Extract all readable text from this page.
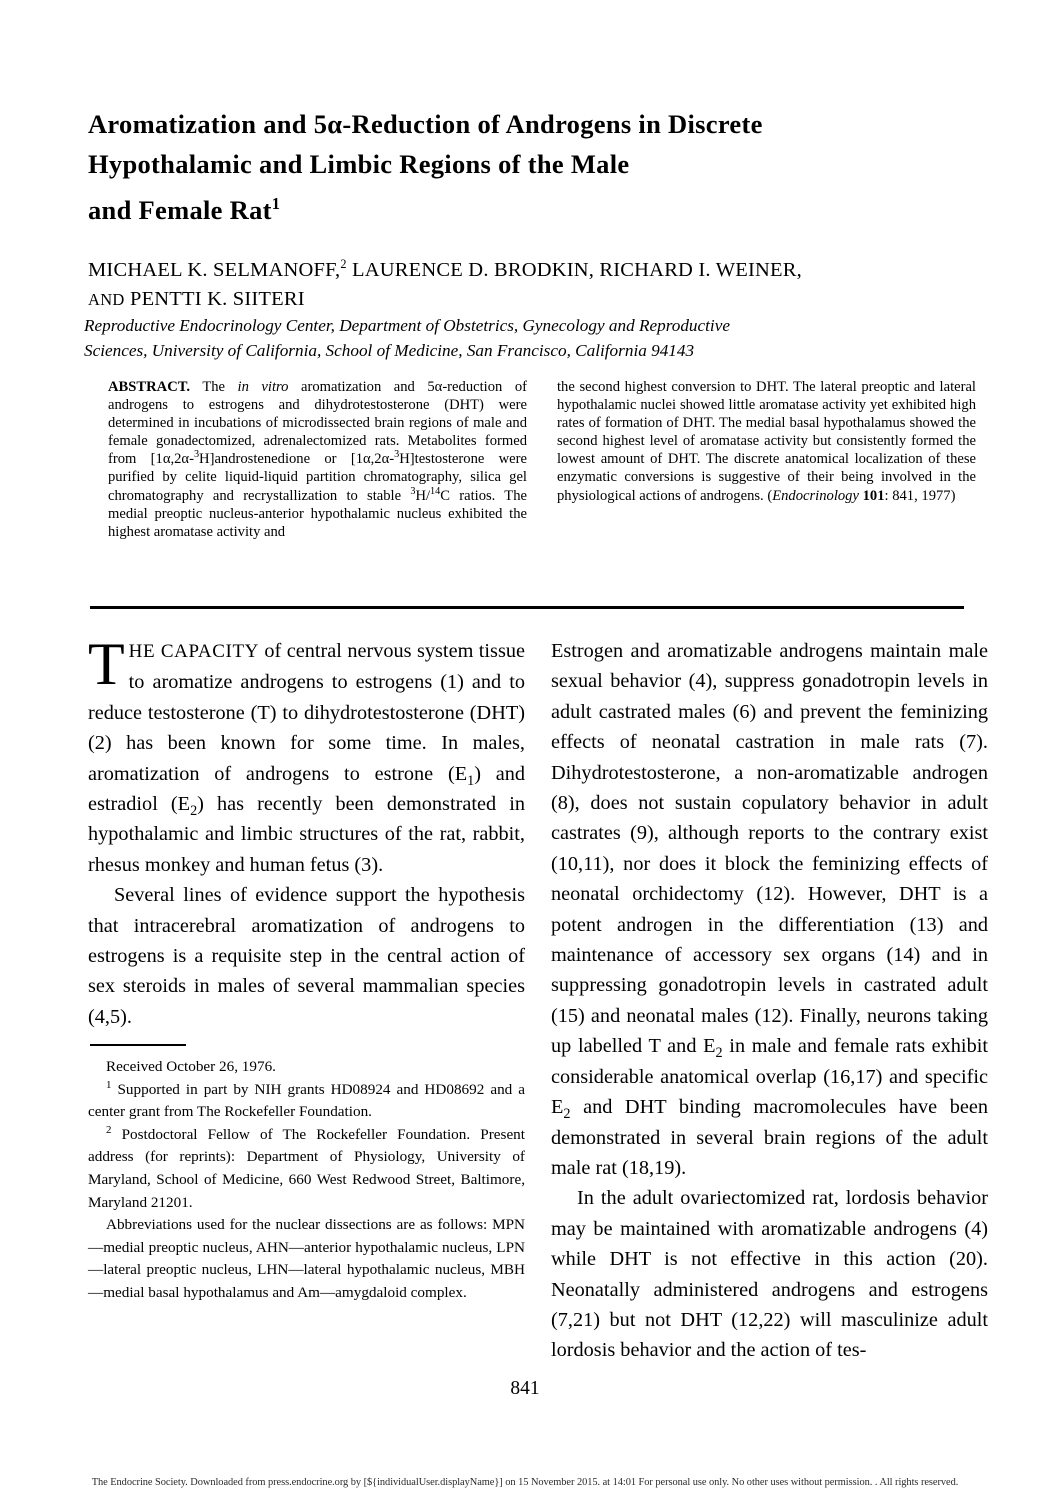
Aromatization and 5α-Reduction of Androgens in Discrete
Hypothalamic and Limbic Regions of the Male
and Female Rat$^1$
MICHAEL K. SELMANOFF,$^2$ LAURENCE D. BRODKIN, RICHARD I. WEINER,
AND PENTTI K. SIITERI
Reproductive Endocrinology Center, Department of Obstetrics, Gynecology and Reproductive
Sciences, University of California, School of Medicine, San Francisco, California 94143

ABSTRACT. The in vitro aromatization and 5α-reduction of androgens to estrogens and dihydrotestosterone (DHT) were determined in incubations of microdissected brain regions of male and female gonadectomized, adrenalectomized rats. Metabolites formed from [1α,2α-$^3$H]androstenedione or [1α,2α-$^3$H]testosterone were purified by celite liquid-liquid partition chromatography, silica gel chromatography and recrystallization to stable $^3$H/$^{14}$C ratios. The medial preoptic nucleus-anterior hypothalamic nucleus exhibited the highest aromatase activity and

the second highest conversion to DHT. The lateral preoptic and lateral hypothalamic nuclei showed little aromatase activity yet exhibited high rates of formation of DHT. The medial basal hypothalamus showed the second highest level of aromatase activity but consistently formed the lowest amount of DHT. The discrete anatomical localization of these enzymatic conversions is suggestive of their being involved in the physiological actions of androgens. (Endocrinology 101: 841, 1977)

THE CAPACITY of central nervous system tissue to aromatize androgens to estrogens (1) and to reduce testosterone (T) to dihydrotestosterone (DHT) (2) has been known for some time. In males, aromatization of androgens to estrone $(E_1)$ and estradiol $(E_2)$ has recently been demonstrated in hypothalamic and limbic structures of the rat, rabbit, rhesus monkey and human fetus (3).

Several lines of evidence support the hypothesis that intracerebral aromatization of androgens to estrogens is a requisite step in the central action of sex steroids in males of several mammalian species (4,5).

Estrogen and aromatizable androgens maintain male sexual behavior (4), suppress gonadotropin levels in adult castrated males (6) and prevent the feminizing effects of neonatal castration in male rats (7). Dihydrotestosterone, a non-aromatizable androgen (8), does not sustain copulatory behavior in adult castrates (9), although reports to the contrary exist (10,11), nor does it block the feminizing effects of neonatal orchidectomy (12). However, DHT is a potent androgen in the differentiation (13) and maintenance of accessory sex organs (14) and in suppressing gonadotropin levels in castrated adult (15) and neonatal males (12). Finally, neurons taking up labelled T and $E_2$ in male and female rats exhibit considerable anatomical overlap (16,17) and specific $E_2$ and DHT binding macromolecules have been demonstrated in several brain regions of the adult male rat (18,19).

In the adult ovariectomized rat, lordosis behavior may be maintained with aromatizable androgens (4) while DHT is not effective in this action (20). Neonatally administered androgens and estrogens (7,21) but not DHT (12,22) will masculinize adult lordosis behavior and the action of tes-

Received October 26, 1976.

$^1$ Supported in part by NIH grants HD08924 and HD08692 and a center grant from The Rockefeller Foundation.

$^2$ Postdoctoral Fellow of The Rockefeller Foundation. Present address (for reprints): Department of Physiology, University of Maryland, School of Medicine, 660 West Redwood Street, Baltimore, Maryland 21201.

Abbreviations used for the nuclear dissections are as follows: MPN—medial preoptic nucleus, AHN—anterior hypothalamic nucleus, LPN—lateral preoptic nucleus, LHN—lateral hypothalamic nucleus, MBH—medial basal hypothalamus and Am—amygdaloid complex.

841
The Endocrine Society. Downloaded from press.endocrine.org by [${individualUser.displayName}] on 15 November 2015. at 14:01 For personal use only. No other uses without permission. . All rights reserved.
